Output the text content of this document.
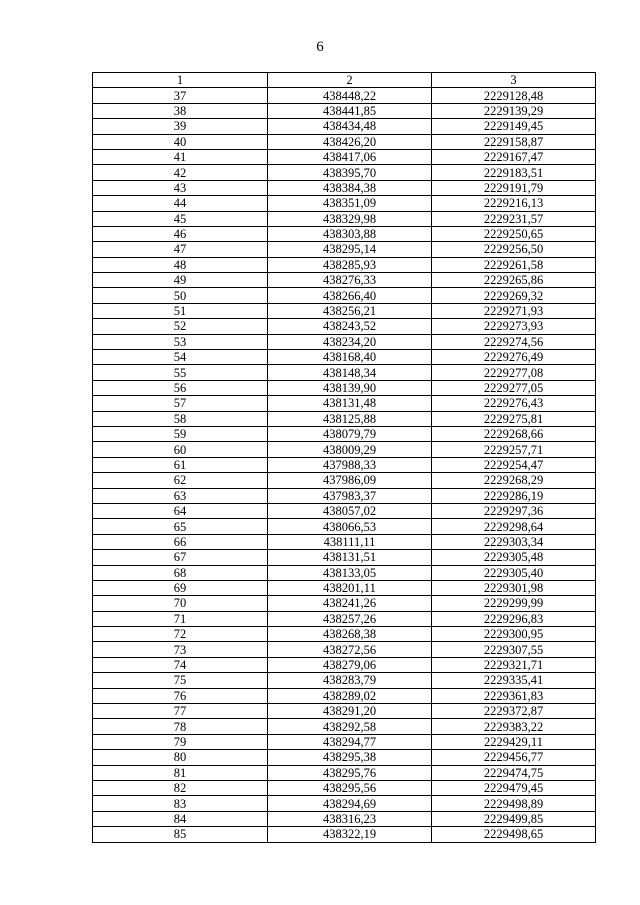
6
1	2	3
37	438448,22	2229128,48
38	438441,85	2229139,29
39	438434,48	2229149,45
40	438426,20	2229158,87
41	438417,06	2229167,47
42	438395,70	2229183,51
43	438384,38	2229191,79
44	438351,09	2229216,13
45	438329,98	2229231,57
46	438303,88	2229250,65
47	438295,14	2229256,50
48	438285,93	2229261,58
49	438276,33	2229265,86
50	438266,40	2229269,32
51	438256,21	2229271,93
52	438243,52	2229273,93
53	438234,20	2229274,56
54	438168,40	2229276,49
55	438148,34	2229277,08
56	438139,90	2229277,05
57	438131,48	2229276,43
58	438125,88	2229275,81
59	438079,79	2229268,66
60	438009,29	2229257,71
61	437988,33	2229254,47
62	437986,09	2229268,29
63	437983,37	2229286,19
64	438057,02	2229297,36
65	438066,53	2229298,64
66	438111,11	2229303,34
67	438131,51	2229305,48
68	438133,05	2229305,40
69	438201,11	2229301,98
70	438241,26	2229299,99
71	438257,26	2229296,83
72	438268,38	2229300,95
73	438272,56	2229307,55
74	438279,06	2229321,71
75	438283,79	2229335,41
76	438289,02	2229361,83
77	438291,20	2229372,87
78	438292,58	2229383,22
79	438294,77	2229429,11
80	438295,38	2229456,77
81	438295,76	2229474,75
82	438295,56	2229479,45
83	438294,69	2229498,89
84	438316,23	2229499,85
85	438322,19	2229498,65
